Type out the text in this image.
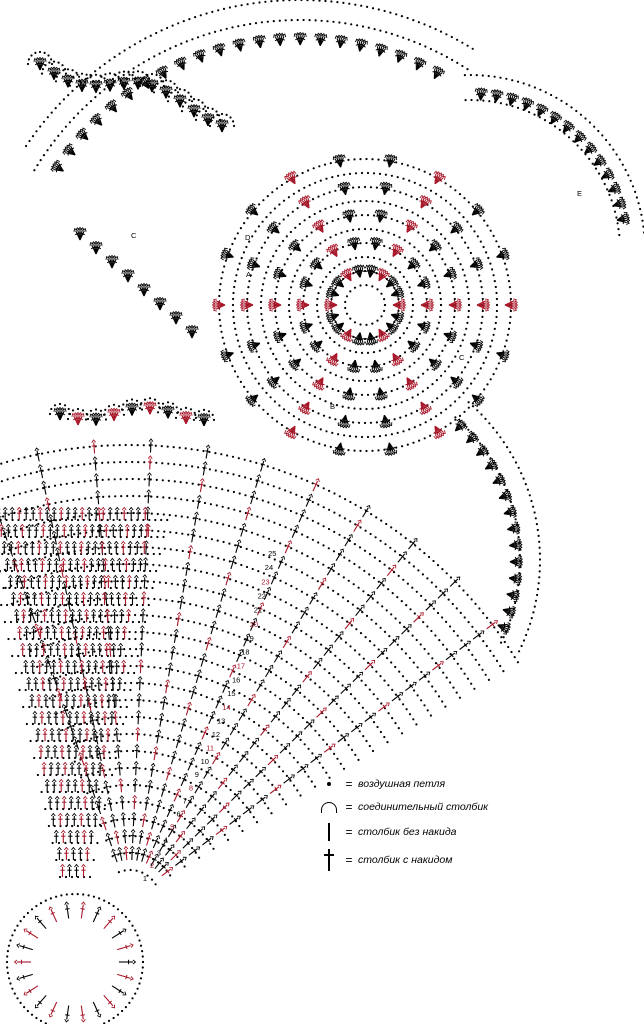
1
2
3
4
5
6
7
8
9
10
11
12
13
14
15
16
17
18
19
20
21
22
23
24
25
A
B
C
C
D
E
= воздушная петля
= соединительный столбик
= столбик без накида
= столбик с накидом
